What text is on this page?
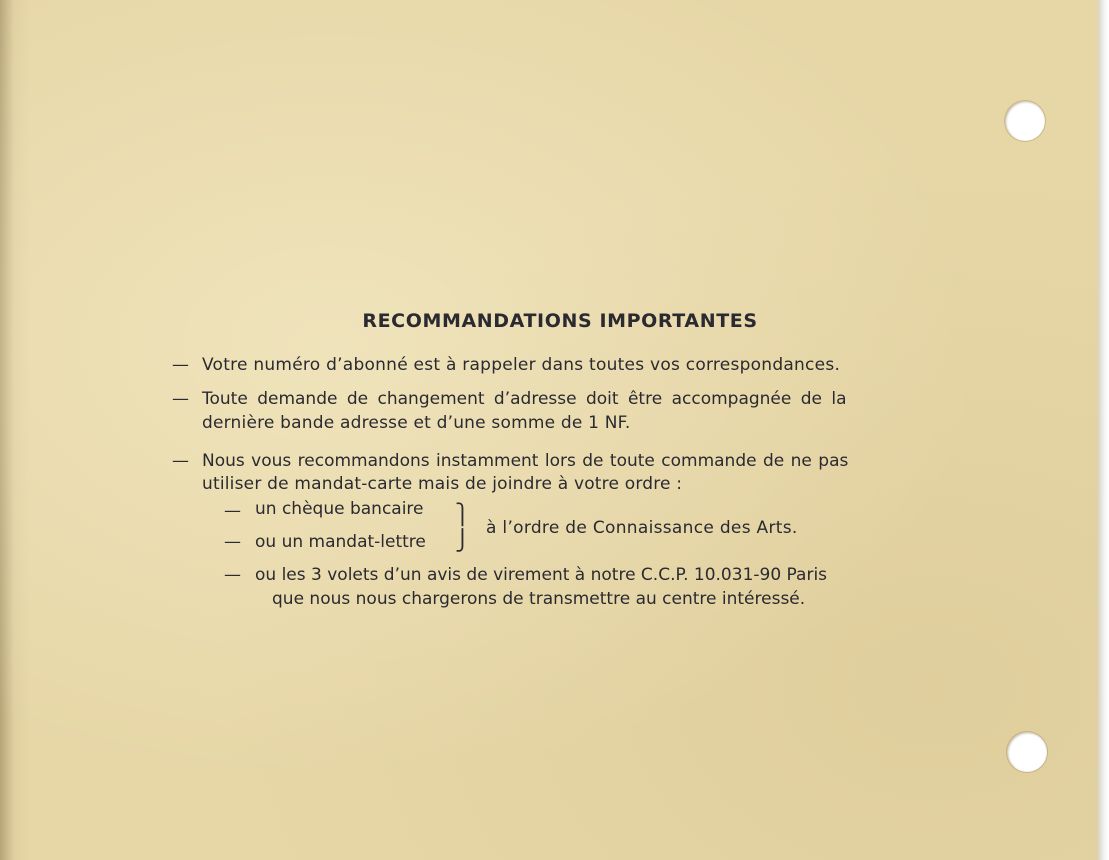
RECOMMANDATIONS IMPORTANTES
— Votre numéro d’abonné est à rappeler dans toutes vos correspondances.
— Toute demande de changement d’adresse doit être accompagnée de la
dernière bande adresse et d’une somme de 1 NF.
— Nous vous recommandons instamment lors de toute commande de ne pas
utiliser de mandat-carte mais de joindre à votre ordre :
— un chèque bancaire
— ou un mandat-lettre
⎫
⎭ à l’ordre de Connaissance des Arts.
— ou les 3 volets d’un avis de virement à notre C.C.P. 10.031-90 Paris
que nous nous chargerons de transmettre au centre intéressé.
